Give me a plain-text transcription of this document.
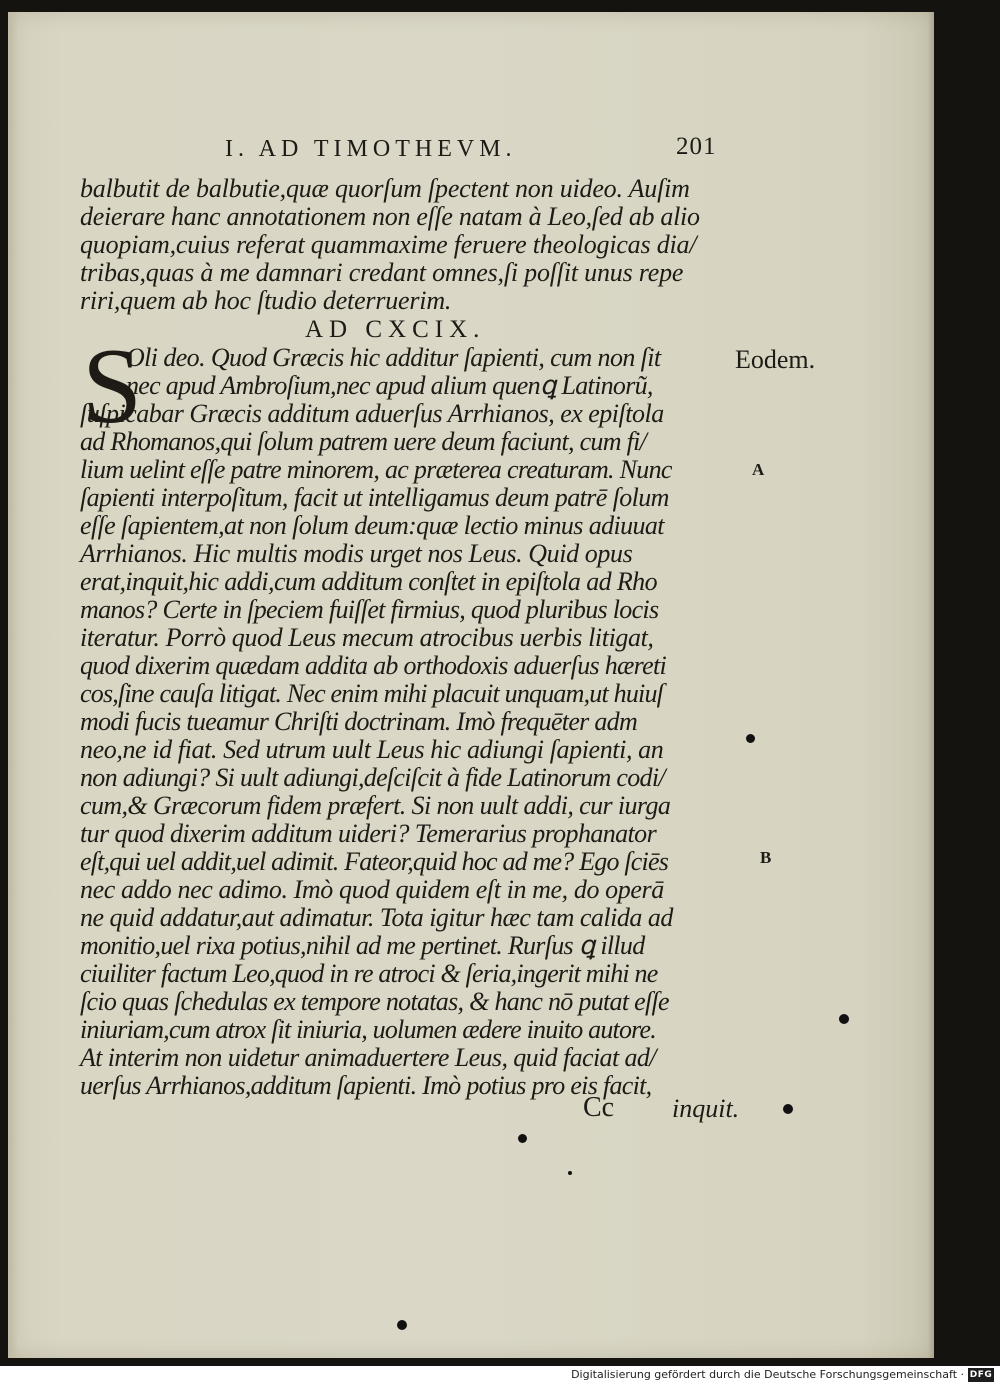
I. AD TIMOTHEVM.	201
balbutit de balbutie,quæ quorſum ſpectent non uideo. Auſim
deierare hanc annotationem non eſſe natam à Leo,ſed ab alio
quopiam,cuius referat quammaxime feruere theologicas dia/
tribas,quas à me damnari credant omnes,ſi poſſit unus repe
riri,quem ab hoc ſtudio deterruerim.
AD CXCIX.
S
Oli deo. Quod Græcis hic additur ſapienti, cum non ſit
nec apud Ambroſium,nec apud alium quenꝗ Latinorũ,
ſuſpicabar Græcis additum aduerſus Arrhianos, ex epiſtola
ad Rhomanos,qui ſolum patrem uere deum faciunt, cum fi/
lium uelint eſſe patre minorem, ac præterea creaturam. Nunc
ſapienti interpoſitum, facit ut intelligamus deum patrē ſolum
eſſe ſapientem,at non ſolum deum:quæ lectio minus adiuuat
Arrhianos. Hic multis modis urget nos Leus. Quid opus
erat,inquit,hic addi,cum additum conſtet in epiſtola ad Rho
manos? Certe in ſpeciem fuiſſet firmius, quod pluribus locis
iteratur. Porrò quod Leus mecum atrocibus uerbis litigat,
quod dixerim quædam addita ab orthodoxis aduerſus hæreti
cos,ſine cauſa litigat. Nec enim mihi placuit unquam,ut huiuſ
modi fucis tueamur Chriſti doctrinam. Imò frequēter adm
neo,ne id fiat. Sed utrum uult Leus hic adiungi ſapienti, an
non adiungi? Si uult adiungi,deſciſcit à fide Latinorum codi/
cum,& Græcorum fidem præfert. Si non uult addi, cur iurga
tur quod dixerim additum uideri? Temerarius prophanator
eſt,qui uel addit,uel adimit. Fateor,quid hoc ad me? Ego ſciēs
nec addo nec adimo. Imò quod quidem eſt in me, do operā
ne quid addatur,aut adimatur. Tota igitur hæc tam calida ad
monitio,uel rixa potius,nihil ad me pertinet. Rurſus ꝗ illud
ciuiliter factum Leo,quod in re atroci & ſeria,ingerit mihi ne
ſcio quas ſchedulas ex tempore notatas, & hanc nō putat eſſe
iniuriam,cum atrox ſit iniuria, uolumen ædere inuito autore.
At interim non uidetur animaduertere Leus, quid faciat ad/
uerſus Arrhianos,additum ſapienti. Imò potius pro eis facit,
Eodem.
A
B
Cc inquit.
Digitalisierung gefördert durch die Deutsche Forschungsgemeinschaft · DFG
